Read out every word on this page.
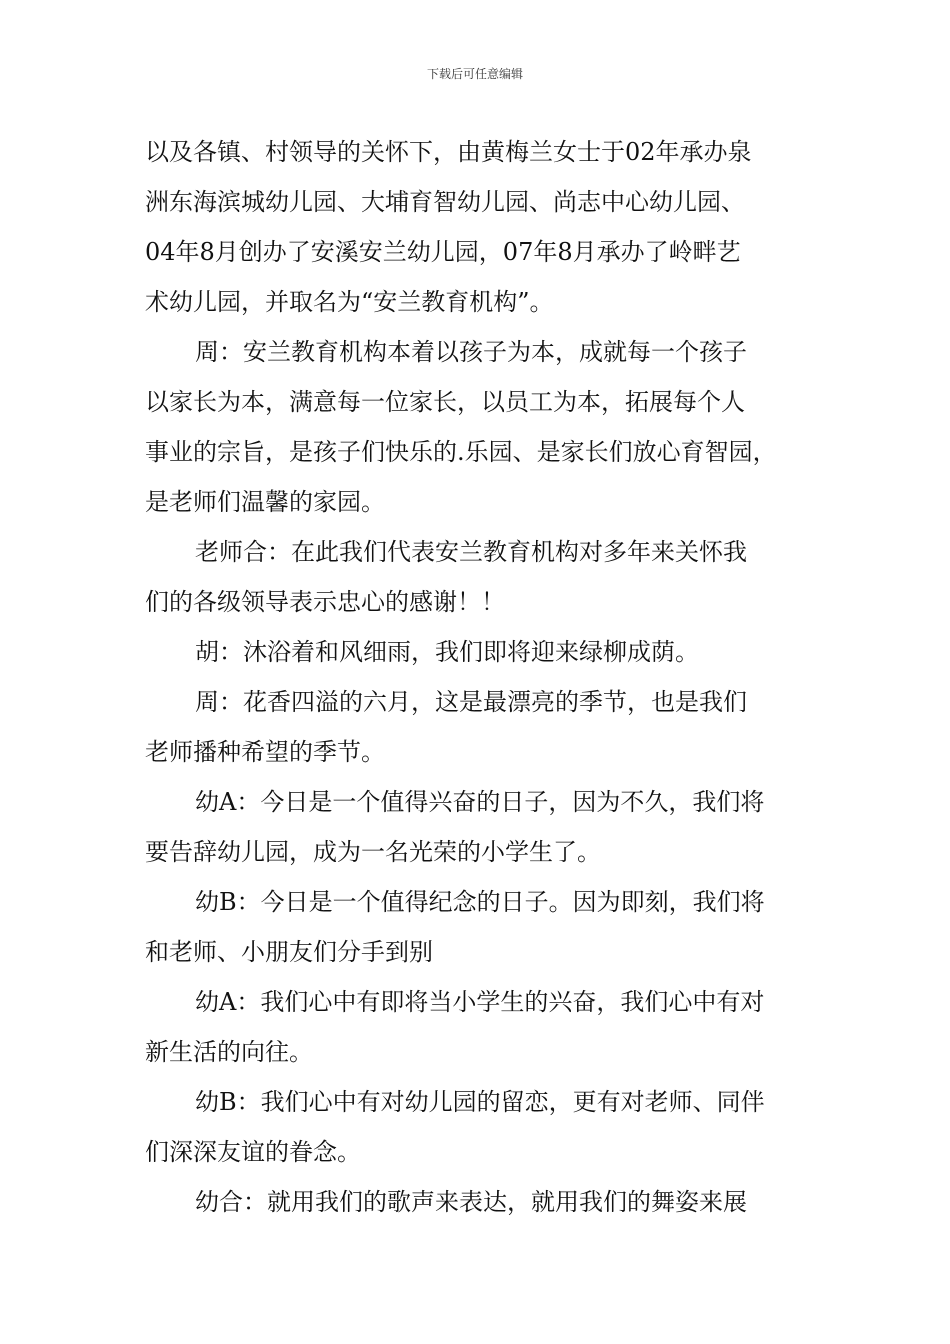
下载后可任意编辑

以及各镇、村领导的关怀下，由黄梅兰女士于02年承办泉
洲东海滨城幼儿园、大埔育智幼儿园、尚志中心幼儿园、
04年8月创办了安溪安兰幼儿园，07年8月承办了岭畔艺
术幼儿园，并取名为“安兰教育机构”。

周：安兰教育机构本着以孩子为本，成就每一个孩子
以家长为本，满意每一位家长，以员工为本，拓展每个人
事业的宗旨，是孩子们快乐的.乐园、是家长们放心育智园，
是老师们温馨的家园。

老师合：在此我们代表安兰教育机构对多年来关怀我
们的各级领导表示忠心的感谢！！

胡：沐浴着和风细雨，我们即将迎来绿柳成荫。

周：花香四溢的六月，这是最漂亮的季节，也是我们
老师播种希望的季节。

幼A：今日是一个值得兴奋的日子，因为不久，我们将
要告辞幼儿园，成为一名光荣的小学生了。

幼B：今日是一个值得纪念的日子。因为即刻，我们将
和老师、小朋友们分手到别

幼A：我们心中有即将当小学生的兴奋，我们心中有对
新生活的向往。

幼B：我们心中有对幼儿园的留恋，更有对老师、同伴
们深深友谊的眷念。

幼合：就用我们的歌声来表达，就用我们的舞姿来展
